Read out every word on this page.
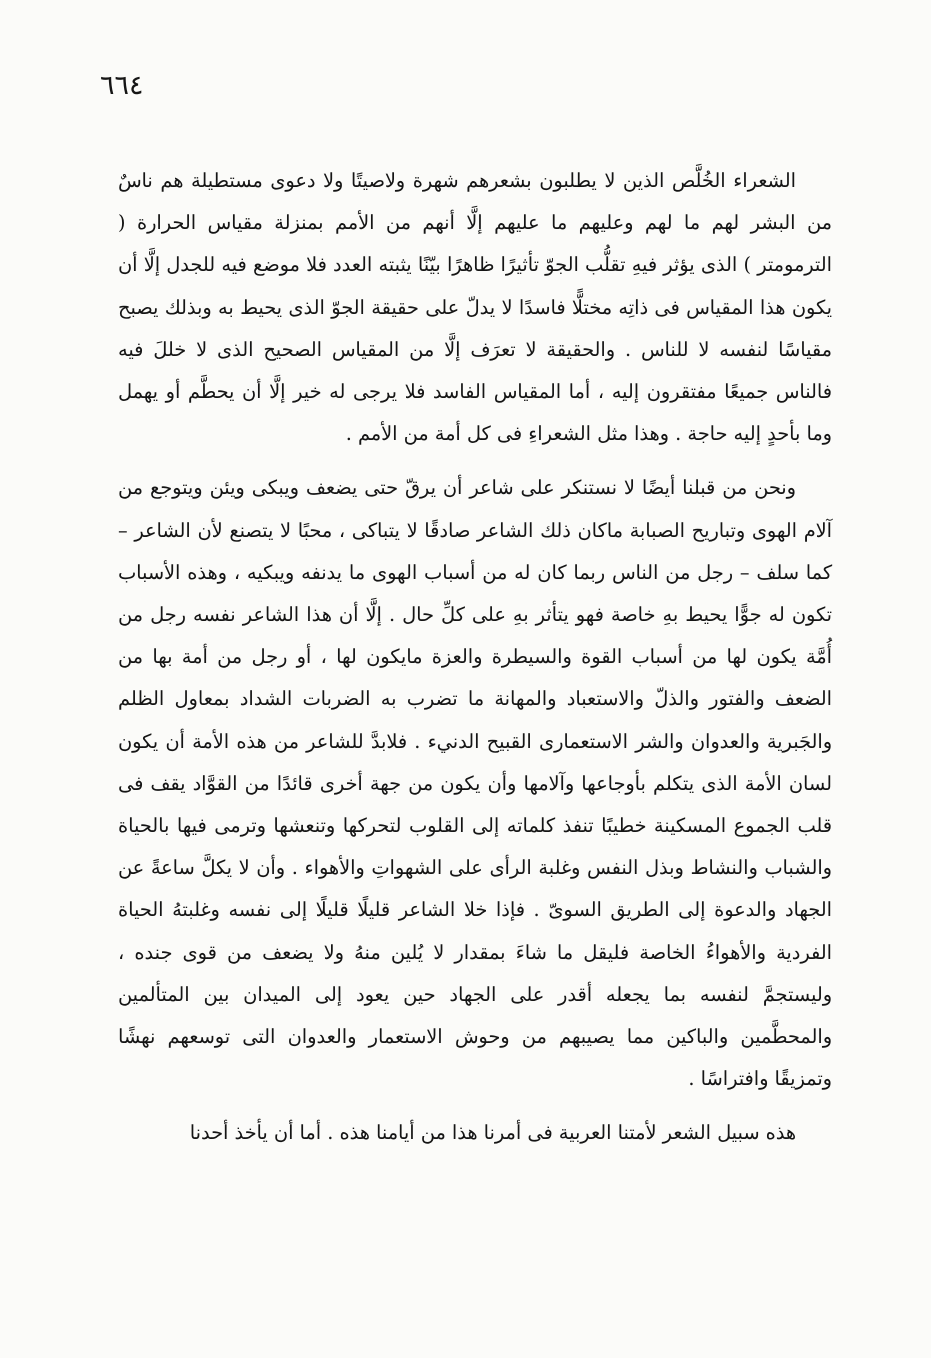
٦٦٤

الشعراء الخُلَّص الذين لا يطلبون بشعرهم شهرة ولاصيتًا ولا دعوى مستطيلة هم ناسٌ من البشر لهم ما لهم وعليهم ما عليهم إلَّا أنهم من الأمم بمنزلة مقياس الحرارة ( الترمومتر ) الذى يؤثر فيهِ تقلُّب الجوّ تأثيرًا ظاهرًا بيّنًا يثبته العدد فلا موضع فيه للجدل إلَّا أن يكون هذا المقياس فى ذاتِه مختلًّا فاسدًا لا يدلّ على حقيقة الجوّ الذى يحيط به وبذلك يصبح مقياسًا لنفسه لا للناس . والحقيقة لا تعرَف إلَّا من المقياس الصحيح الذى لا خللَ فيه فالناس جميعًا مفتقرون إليه ، أما المقياس الفاسد فلا يرجى له خير إلَّا أن يحطَّم أو يهمل وما بأحدٍ إليه حاجة . وهذا مثل الشعراءِ فى كل أمة من الأمم .

ونحن من قبلنا أيضًا لا نستنكر على شاعر أن يرقّ حتى يضعف ويبكى ويئن ويتوجع من آلام الهوى وتباريح الصبابة ماكان ذلك الشاعر صادقًا لا يتباكى ، محبًا لا يتصنع لأن الشاعر – كما سلف – رجل من الناس ربما كان له من أسباب الهوى ما يدنفه ويبكيه ، وهذه الأسباب تكون له جوًّا يحيط بهِ خاصة فهو يتأثر بهِ على كلِّ حال . إلَّا أن هذا الشاعر نفسه رجل من أُمَّة يكون لها من أسباب القوة والسيطرة والعزة مايكون لها ، أو رجل من أمة بها من الضعف والفتور والذلّ والاستعباد والمهانة ما تضرب به الضربات الشداد بمعاول الظلم والجَبرية والعدوان والشر الاستعمارى القبيح الدنيء . فلابدَّ للشاعر من هذه الأمة أن يكون لسان الأمة الذى يتكلم بأوجاعها وآلامها وأن يكون من جهة أخرى قائدًا من القوَّاد يقف فى قلب الجموع المسكينة خطيبًا تنفذ كلماته إلى القلوب لتحركها وتنعشها وترمى فيها بالحياة والشباب والنشاط وبذل النفس وغلبة الرأى على الشهواتِ والأهواء . وأن لا يكلَّ ساعةً عن الجهاد والدعوة إلى الطريق السوىّ . فإذا خلا الشاعر قليلًا قليلًا إلى نفسه وغلبتهُ الحياة الفردية والأهواءُ الخاصة فليقل ما شاءَ بمقدار لا يُلين منهُ ولا يضعف من قوى جنده ، وليستجمَّ لنفسه بما يجعله أقدر على الجهاد حين يعود إلى الميدان بين المتألمين والمحطَّمين والباكين مما يصيبهم من وحوش الاستعمار والعدوان التى توسعهم نهشًا وتمزيقًا وافتراسًا .

هذه سبيل الشعر لأمتنا العربية فى أمرنا هذا من أيامنا هذه . أما أن يأخذ أحدنا
